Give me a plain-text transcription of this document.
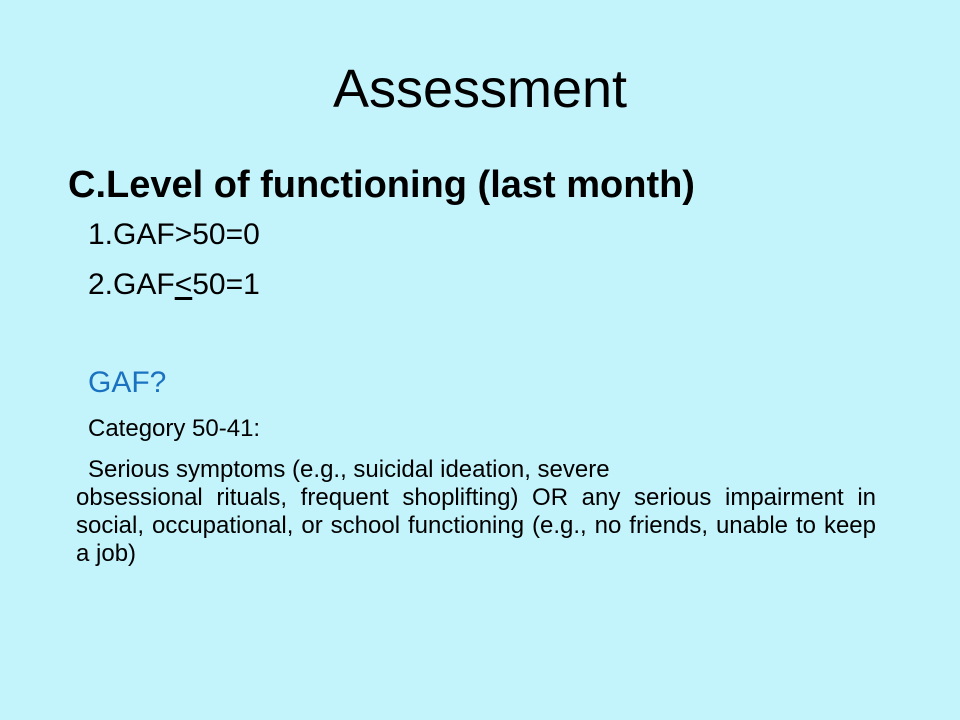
Assessment
C.Level of functioning (last month)
1.GAF>50=0
2.GAF<50=1
GAF?
Category 50-41:
Serious symptoms (e.g., suicidal ideation, severe
obsessional rituals, frequent shoplifting) OR any serious impairment in social, occupational, or school functioning (e.g., no friends, unable to keep a job)
